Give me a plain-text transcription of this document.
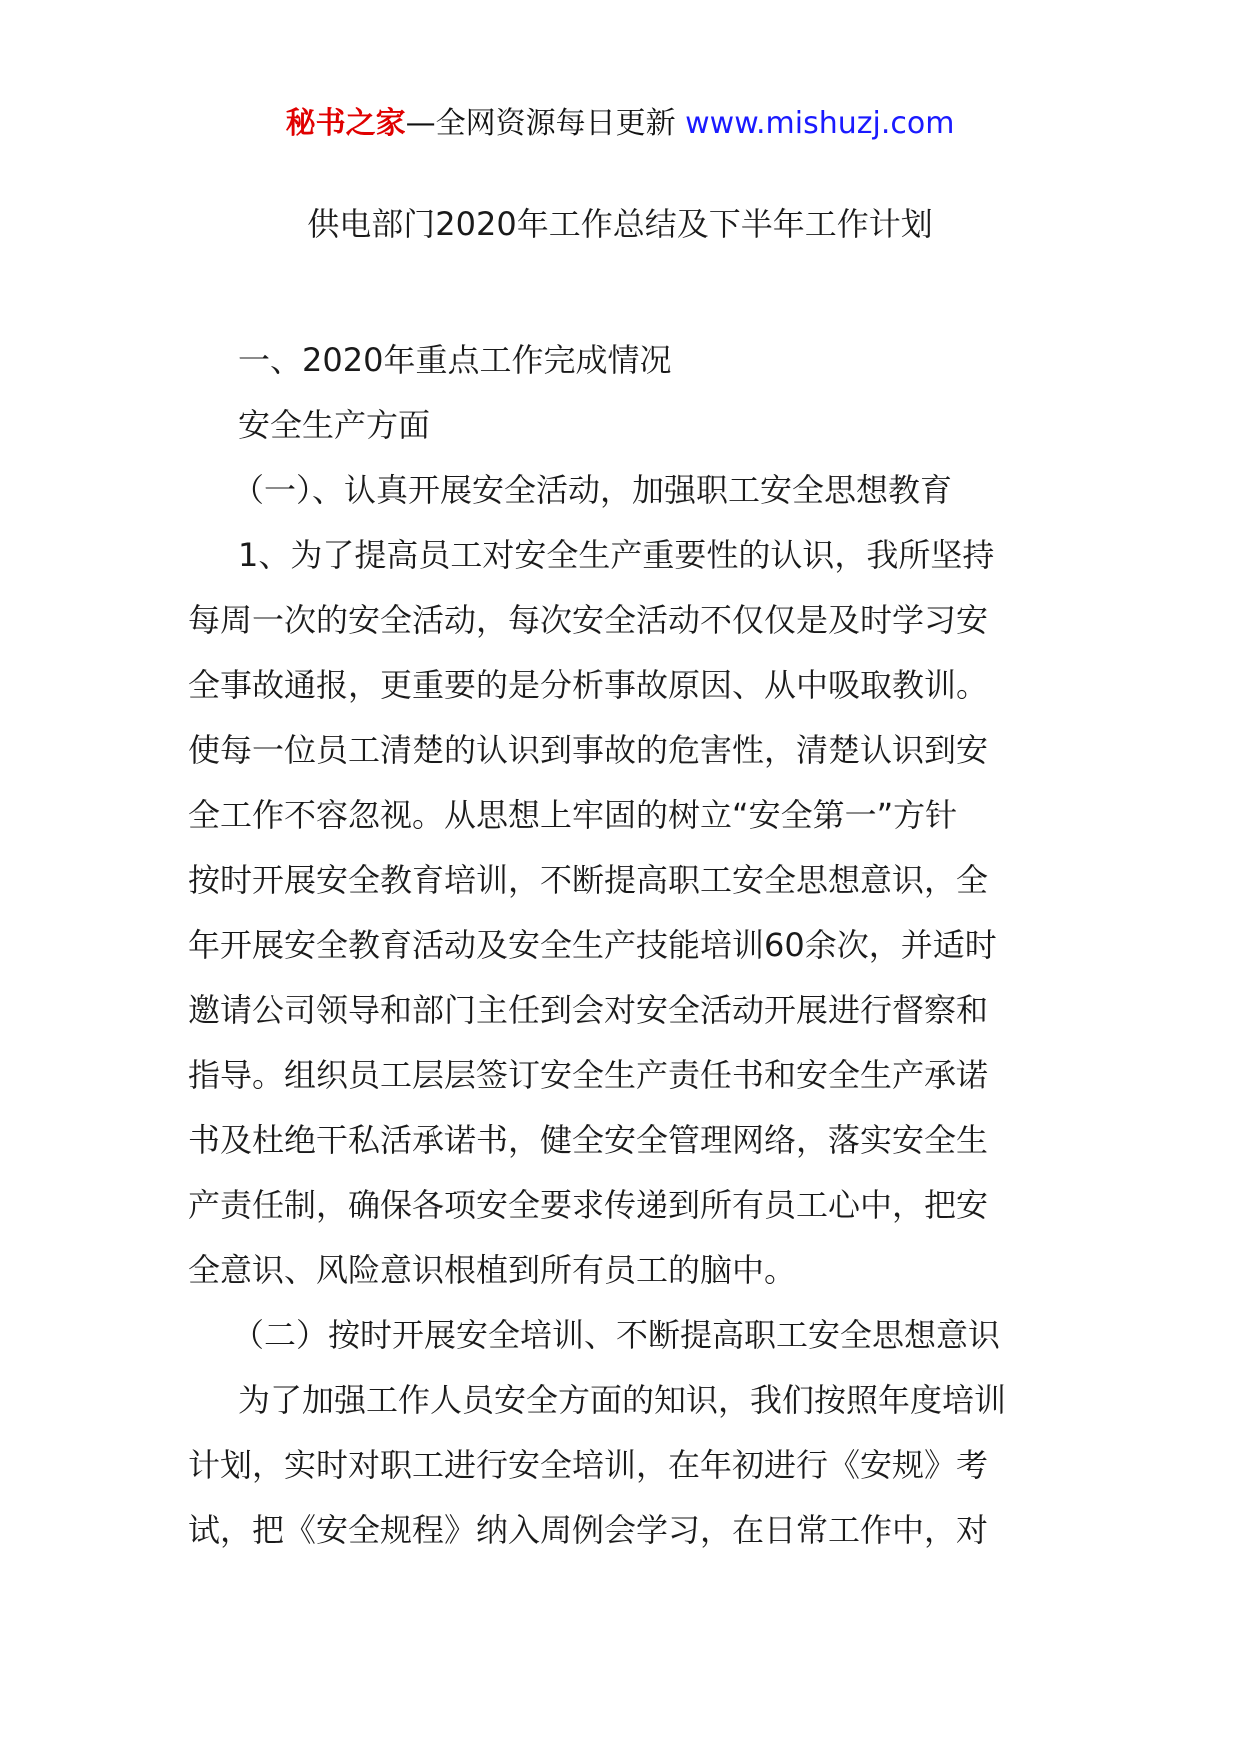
秘书之家—全网资源每日更新 www.mishuzj.com
供电部门2020年工作总结及下半年工作计划
一、2020年重点工作完成情况
安全生产方面
（一）、认真开展安全活动，加强职工安全思想教育
1、为了提高员工对安全生产重要性的认识，我所坚持
每周一次的安全活动，每次安全活动不仅仅是及时学习安
全事故通报，更重要的是分析事故原因、从中吸取教训。
使每一位员工清楚的认识到事故的危害性，清楚认识到安
全工作不容忽视。从思想上牢固的树立“安全第一”方针
按时开展安全教育培训，不断提高职工安全思想意识，全
年开展安全教育活动及安全生产技能培训60余次，并适时
邀请公司领导和部门主任到会对安全活动开展进行督察和
指导。组织员工层层签订安全生产责任书和安全生产承诺
书及杜绝干私活承诺书，健全安全管理网络，落实安全生
产责任制，确保各项安全要求传递到所有员工心中，把安
全意识、风险意识根植到所有员工的脑中。
（二）按时开展安全培训、不断提高职工安全思想意识
为了加强工作人员安全方面的知识，我们按照年度培训
计划，实时对职工进行安全培训，在年初进行《安规》考
试，把《安全规程》纳入周例会学习，在日常工作中，对
